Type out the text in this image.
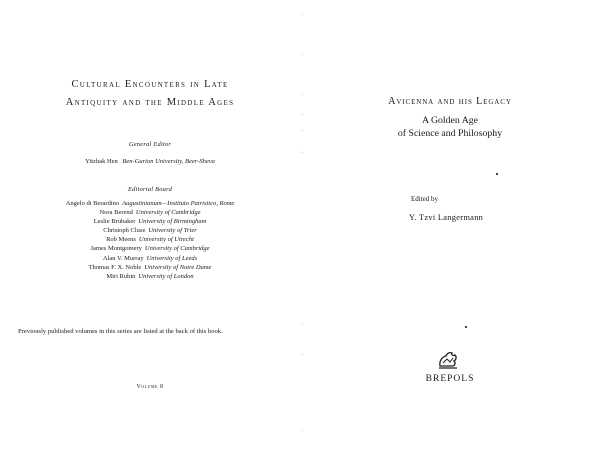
Cultural Encounters in Late
Antiquity and the Middle Ages
General Editor
Yitzhak Hen Ben-Gurion University, Beer-Sheva
Editorial Board
Angelo di Berardino Augustinianum—Instituto Patristico, Rome
Nora Berend University of Cambridge
Leslie Brubaker University of Birmingham
Christoph Cluse University of Trier
Rob Meens University of Utrecht
James Montgomery University of Cambridge
Alan V. Murray University of Leeds
Thomas F. X. Noble University of Notre Dame
Miri Rubin University of London
Previously published volumes in this series are listed at the back of this book.
Volume 8
ʾ
·
·
·
·
·
·
·
·
Avicenna and his Legacy
A Golden Age
of Science and Philosophy
Edited by
Y. Tzvi Langermann
BREPOLS
